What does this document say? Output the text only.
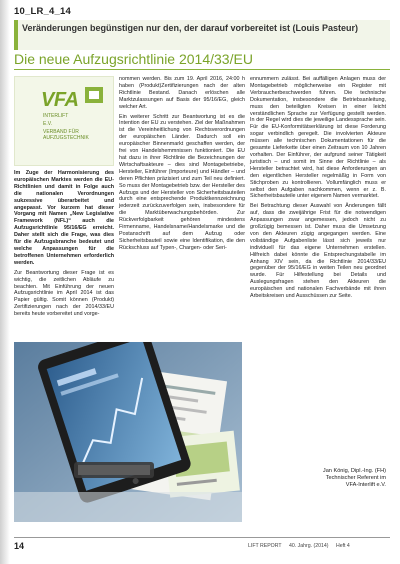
10_LR_4_14
Veränderungen begünstigen nur den, der darauf vorbereitet ist (Louis Pasteur)
Die neue Aufzugsrichtlinie 2014/33/EU
VFA
INTERLIFT
E.V.
VERBAND FÜR AUFZUGSTECHNIK

Im Zuge der Harmonisierung des europäischen Marktes werden die EU-Richtlinien und damit in Folge auch die nationalen Verordnungen sukzessive überarbeitet und angepasst. Vor kurzem hat dieser Vorgang mit Namen „New Legislative Framework (NFL)“ auch die Aufzugsrichtlinie 95/16/EG erreicht. Daher stellt sich die Frage, was dies für die Aufzugsbranche bedeutet und welche Anpassungen für die betroffenen Unternehmen erforderlich werden.

Zur Beantwortung dieser Frage ist es wichtig, die zeitlichen Abläufe zu beachten. Mit Einführung der neuen Aufzugsrichtlinie im April 2014 ist das Papier gültig. Somit können (Produkt) Zertifizierungen nach der 2014/33/EU bereits heute vorbereitet und vorge-

nommen werden. Bis zum 19. April 2016, 24:00 h haben (Produkt)Zertifizierungen nach der alten Richtlinie Bestand. Danach erlöschen alle Marktzulassungen auf Basis der 95/16/EG, gleich welcher Art.

Ein weiterer Schritt zur Beantwortung ist es die Intention der EU zu verstehen. Ziel der Maßnahmen ist die Vereinheitlichung von Rechtsverordnungen der europäischen Länder. Dadurch soll ein europäischer Binnenmarkt geschaffen werden, der frei von Handelshemmnissen funktioniert. Die EU hat dazu in ihrer Richtlinie die Bezeichnungen der Wirtschaftsakteure – dies sind Montagebetriebe, Hersteller, Einführer (Importeure) und Händler – und deren Pflichten präzisiert und zum Teil neu definiert. So muss der Montagebetrieb bzw. der Hersteller des Aufzugs und der Hersteller von Sicherheitsbauteilen durch eine entsprechende Produktkennzeichnung jederzeit zurückzuverfolgen sein, insbesondere für die Marktüberwachungsbehörden. Zur Rückverfolgbarkeit gehören mindestens Firmenname, Handelsname/Handelsmarke und die Postanschrift auf dem Aufzug oder Sicherheitsbauteil sowie eine Identifikation, die den Rückschluss auf Typen-, Chargen- oder Seri-

ennummern zulässt. Bei auffälligen Anlagen muss der Montagebetrieb möglicherweise ein Register mit Verbraucherbeschwerden führen. Die technische Dokumentation, insbesondere die Betriebsanleitung, muss den beteiligten Kreisen in einer leicht verständlichen Sprache zur Verfügung gestellt werden. In der Regel wird dies die jeweilige Landessprache sein. Für die EU-Konformitätserklärung ist diese Forderung sogar verbindlich geregelt. Die involvierten Akteure müssen alle technischen Dokumentationen für die gesamte Lieferkette über einen Zeitraum von 10 Jahren vorhalten. Der Einführer, der aufgrund seiner Tätigkeit juristisch – und somit im Sinne der Richtlinie – als Hersteller betrachtet wird, hat diese Anforderungen an den eigentlichen Hersteller regelmäßig in Form von Stichproben zu kontrollieren. Vollumfänglich muss er selbst den Aufgaben nachkommen, wenn er z. B. Sicherheitsbauteile unter eigenem Namen vermarktet.

Bei Betrachtung dieser Auswahl von Änderungen fällt auf, dass die zweijährige Frist für die notwendigen Anpassungen zwar angemessen, jedoch nicht zu großzügig bemessen ist. Daher muss die Umsetzung von den Akteuren zügig angegangen werden. Eine vollständige Aufgabenliste lässt sich jeweils nur individuell für das eigene Unternehmen erstellen. Hilfreich dabei könnte die Entsprechungstabelle im Anhang XIV sein, da die Richtlinie 2014/33/EU gegenüber der 95/16/EG in weiten Teilen neu geordnet wurde. Für Hilfestellung bei Details und Auslegungsfragen stehen den Akteuren die europäischen und nationalen Fachverbände mit ihren Arbeitskreisen und Ausschüssen zur Seite.

Jan König, Dipl.-Ing. (FH)
Technischer Referent im
VFA-Interlift e.V.
14	LIFT REPORT 40. Jahrg. (2014) Heft 4
